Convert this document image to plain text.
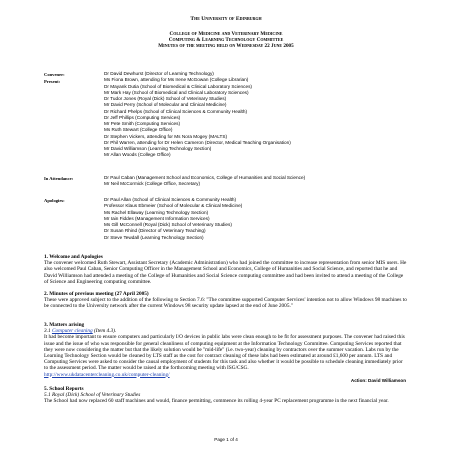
The University of Edinburgh
College of Medicine and Veterinary Medicine
Computing & Learning Technology Committee
Minutes of the meeting held on Wednesday 22 June 2005
Convener:
Present:
Dr David Dewhurst (Director of Learning Technology)
Ms Fiona Brown, attending for Ms Irene McGowan (College Librarian)
Dr Mayank Dutia (School of Biomedical & Clinical Laboratory Sciences)
Mr Mark Hay (School of Biomedical and Clinical Laboratory Sciences)
Dr Tudor Jones (Royal (Dick) School of Veterinary Studies)
Mr David Perry (School of Molecular and Clinical Medicine)
Dr Richard Phelps (School of Clinical Sciences & Community Health)
Dr Jeff Phillips (Computing Services)
Mr Pete Smith (Computing Services)
Ms Ruth Stewart (College Office)
Dr Stephen Vickers, attending for Ms Nora Mogey (MALTS)
Dr Phil Warren, attending for Dr Helen Cameron (Director, Medical Teaching Organisation)
Mr David Williamson (Learning Technology Section)
Mr Allan Woods (College Office)
In Attendance:	Dr Paul Caban (Management School and Economics, College of Humanities and Social Science)
Mr Neil McCormick (College Office, Secretary)
Apologies:	Dr Paul Allan (School of Clinical Sciences & Community Health)
Professor Klaus Ebmeier (School of Molecular & Clinical Medicine)
Ms Rachel Ellaway (Learning Technology Section)
Mr Iain Fiddes (Management Information Services)
Ms Gill McConnell (Royal (Dick) School of Veterinary Studies)
Dr Susan Rhind (Director of Veterinary Teaching)
Dr Steve Tewdall (Learning Technology Section)
1. Welcome and Apologies
The convener welcomed Ruth Stewart, Assistant Secretary (Academic Administration) who had joined the committee to increase representation from senior MIS users. He also welcomed Paul Caban, Senior Computing Officer in the Management School and Economics, College of Humanities and Social Science, and reported that he and David Williamson had attended a meeting of the College of Humanities and Social Science computing committee and had been invited to attend a meeting of the College of Science and Engineering computing committee.
2. Minutes of previous meeting (27 April 2005)
These were approved subject to the addition of the following to Section 7.6: "The committee supported Computer Services' intention not to allow Windows 98 machines to be connected to the University network after the current Windows 98 security update lapsed at the end of June 2005."
3. Matters arising
3.1 Computer cleaning (Item 4.3).
It had become important to ensure computers and particularly I/O devices in public labs were clean enough to be fit for assessment purposes. The convener had raised this issue and the issue of who was responsible for general cleanliness of computing equipment at the Information Technology Committee. Computing Services reported that they were now considering the matter but that the likely solution would be "mid-life" (i.e. two-year) cleaning by contractors over the summer vacation. Labs run by the Learning Technology Section would be cleaned by LTS staff as the cost for contract cleaning of these labs had been estimated at around £1,600 per annum. LTS and Computing Services were asked to consider the causal employment of students for this task and also whether it would be possible to schedule cleaning immediately prior to the assessment period. The matter would be raised at the forthcoming meeting with ISG/CSG.
http://www.ukdatacentercleaning.co.uk/computer-cleaning/
Action: David Williamson
5. School Reports
5.1 Royal (Dick) School of Veterinary Studies
The School had now replaced 60 staff machines and would, finance permitting, commence its rolling 4-year PC replacement programme in the next financial year.
Page 1 of 4
